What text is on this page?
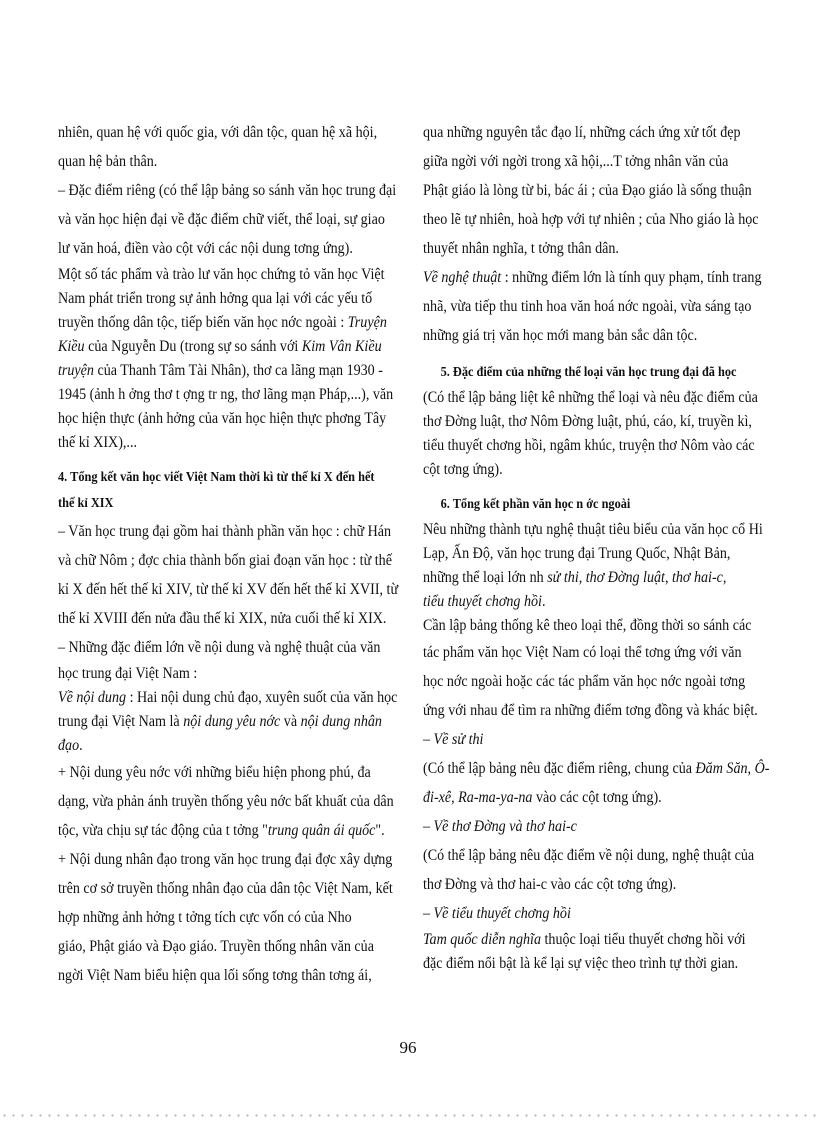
nhiên, quan hệ với quốc gia, với dân tộc, quan hệ xã hội,
quan hệ bản thân.
– Đặc điểm riêng (có thể lập bảng so sánh văn học trung đại
và văn học hiện đại về đặc điểm chữ viết, thể loại, sự giao
lư văn hoá, điền vào cột với các nội dung tơng ứng).
Một số tác phẩm và trào lư văn học chứng tỏ văn học Việt
Nam phát triển trong sự ảnh hởng qua lại với các yếu tố
truyền thống dân tộc, tiếp biến văn học nớc ngoài : Truyện
Kiều của Nguyễn Du (trong sự so sánh với Kim Vân Kiều
truyện của Thanh Tâm Tài Nhân), thơ ca lãng mạn 1930 -
1945 (ảnh h ởng thơ t ợng tr ng, thơ lãng mạn Pháp,...), văn
học hiện thực (ảnh hởng của văn học hiện thực phơng Tây
thế kỉ XIX),...
4. Tổng kết văn học viết Việt Nam thời kì từ thế kỉ X đến hết
thế kỉ XIX
– Văn học trung đại gồm hai thành phần văn học : chữ Hán
và chữ Nôm ; đợc chia thành bốn giai đoạn văn học : từ thế
kỉ X đến hết thế kỉ XIV, từ thế kỉ XV đến hết thế kỉ XVII, từ
thế kỉ XVIII đến nửa đầu thế kỉ XIX, nửa cuối thế kỉ XIX.
– Những đặc điểm lớn về nội dung và nghệ thuật của văn
học trung đại Việt Nam :
Về nội dung : Hai nội dung chủ đạo, xuyên suốt của văn học
trung đại Việt Nam là nội dung yêu nớc và nội dung nhân
đạo.
+ Nội dung yêu nớc với những biểu hiện phong phú, đa
dạng, vừa phản ánh truyền thống yêu nớc bất khuất của dân
tộc, vừa chịu sự tác động của t tởng "trung quân ái quốc".
+ Nội dung nhân đạo trong văn học trung đại đợc xây dựng
trên cơ sở truyền thống nhân đạo của dân tộc Việt Nam, kết
hợp những ảnh hởng t tởng tích cực vốn có của Nho
giáo, Phật giáo và Đạo giáo. Truyền thống nhân văn của
ngời Việt Nam biểu hiện qua lối sống tơng thân tơng ái,
qua những nguyên tắc đạo lí, những cách ứng xử tốt đẹp
giữa ngời với ngời trong xã hội,...T tởng nhân văn của
Phật giáo là lòng từ bi, bác ái ; của Đạo giáo là sống thuận
theo lẽ tự nhiên, hoà hợp với tự nhiên ; của Nho giáo là học
thuyết nhân nghĩa, t tởng thân dân.
Về nghệ thuật : những điểm lớn là tính quy phạm, tính trang
nhã, vừa tiếp thu tinh hoa văn hoá nớc ngoài, vừa sáng tạo
những giá trị văn học mới mang bản sắc dân tộc.
5. Đặc điểm của những thể loại văn học trung đại đã học
(Có thể lập bảng liệt kê những thể loại và nêu đặc điểm của
thơ Đờng luật, thơ Nôm Đờng luật, phú, cáo, kí, truyền kì,
tiểu thuyết chơng hồi, ngâm khúc, truyện thơ Nôm vào các
cột tơng ứng).
6. Tổng kết phần văn học n ớc ngoài
Nêu những thành tựu nghệ thuật tiêu biểu của văn học cổ Hi
Lạp, Ấn Độ, văn học trung đại Trung Quốc, Nhật Bản,
những thể loại lớn nh sử thi, thơ Đờng luật, thơ hai-c,
tiểu thuyết chơng hồi.
Cần lập bảng thống kê theo loại thể, đồng thời so sánh các
tác phẩm văn học Việt Nam có loại thể tơng ứng với văn
học nớc ngoài hoặc các tác phẩm văn học nớc ngoài tơng
ứng với nhau để tìm ra những điểm tơng đồng và khác biệt.
– Về sử thi
(Có thể lập bảng nêu đặc điểm riêng, chung của Đăm Săn, Ô-
đi-xê, Ra-ma-ya-na vào các cột tơng ứng).
– Về thơ Đờng và thơ hai-c
(Có thể lập bảng nêu đặc điểm về nội dung, nghệ thuật của
thơ Đờng và thơ hai-c vào các cột tơng ứng).
– Về tiểu thuyết chơng hồi
Tam quốc diễn nghĩa thuộc loại tiểu thuyết chơng hồi với
đặc điểm nổi bật là kể lại sự việc theo trình tự thời gian.
96
